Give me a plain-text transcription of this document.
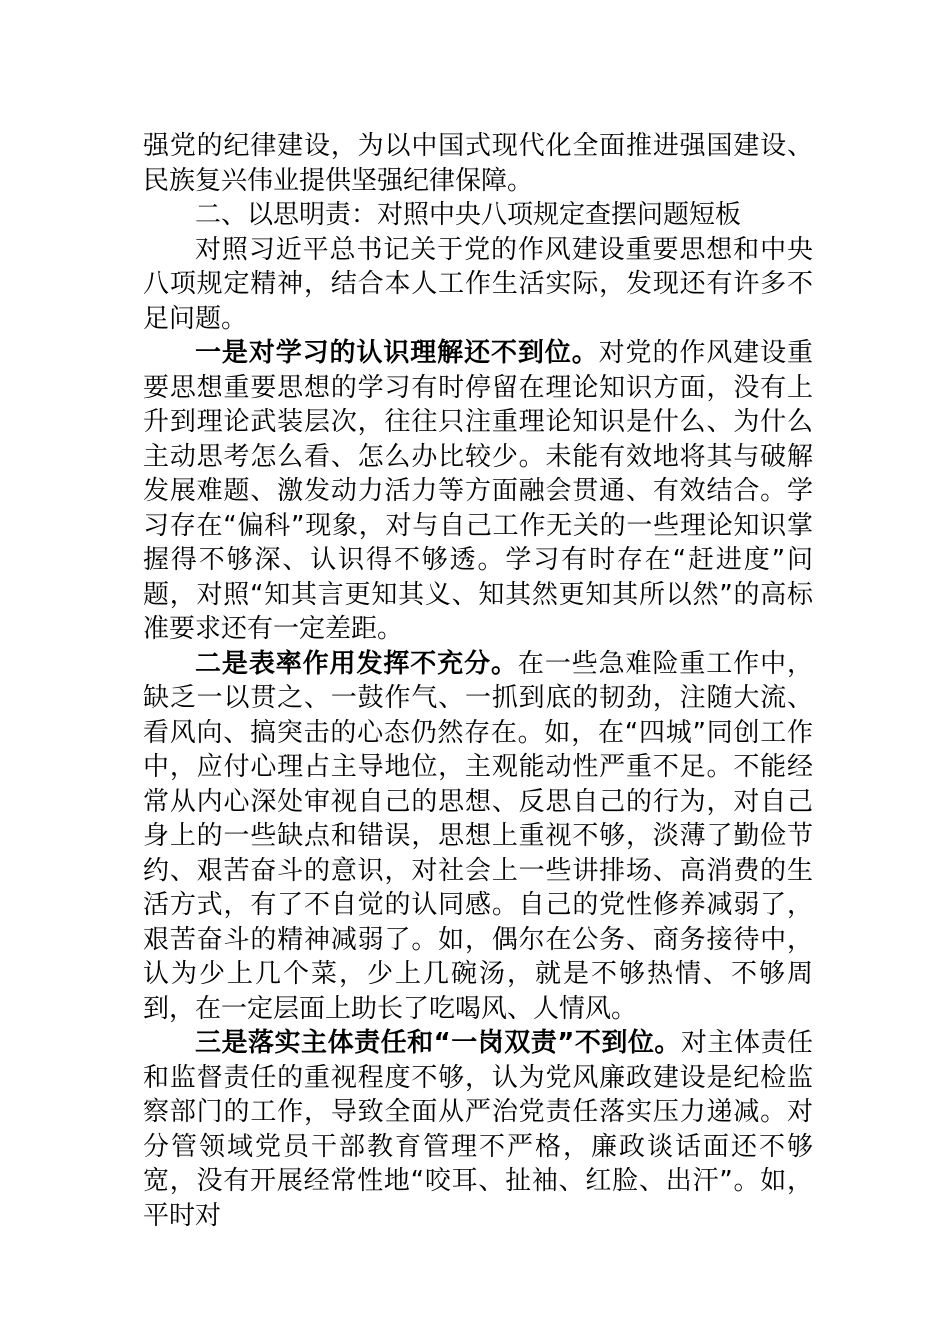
强党的纪律建设，为以中国式现代化全面推进强国建设、民族复兴伟业提供坚强纪律保障。

二、以思明责：对照中央八项规定查摆问题短板

对照习近平总书记关于党的作风建设重要思想和中央八项规定精神，结合本人工作生活实际，发现还有许多不足问题。

一是对学习的认识理解还不到位。对党的作风建设重要思想重要思想的学习有时停留在理论知识方面，没有上升到理论武装层次，往往只注重理论知识是什么、为什么主动思考怎么看、怎么办比较少。未能有效地将其与破解发展难题、激发动力活力等方面融会贯通、有效结合。学习存在“偏科”现象，对与自己工作无关的一些理论知识掌握得不够深、认识得不够透。学习有时存在“赶进度”问题，对照“知其言更知其义、知其然更知其所以然”的高标准要求还有一定差距。

二是表率作用发挥不充分。在一些急难险重工作中，缺乏一以贯之、一鼓作气、一抓到底的韧劲，注随大流、看风向、搞突击的心态仍然存在。如，在“四城”同创工作中，应付心理占主导地位，主观能动性严重不足。不能经常从内心深处审视自己的思想、反思自己的行为，对自己身上的一些缺点和错误，思想上重视不够，淡薄了勤俭节约、艰苦奋斗的意识，对社会上一些讲排场、高消费的生活方式，有了不自觉的认同感。自己的党性修养减弱了，艰苦奋斗的精神减弱了。如，偶尔在公务、商务接待中，认为少上几个菜，少上几碗汤，就是不够热情、不够周到，在一定层面上助长了吃喝风、人情风。

三是落实主体责任和“一岗双责”不到位。对主体责任和监督责任的重视程度不够，认为党风廉政建设是纪检监察部门的工作，导致全面从严治党责任落实压力递减。对分管领域党员干部教育管理不严格，廉政谈话面还不够宽，没有开展经常性地“咬耳、扯袖、红脸、出汗”。如，平时对
